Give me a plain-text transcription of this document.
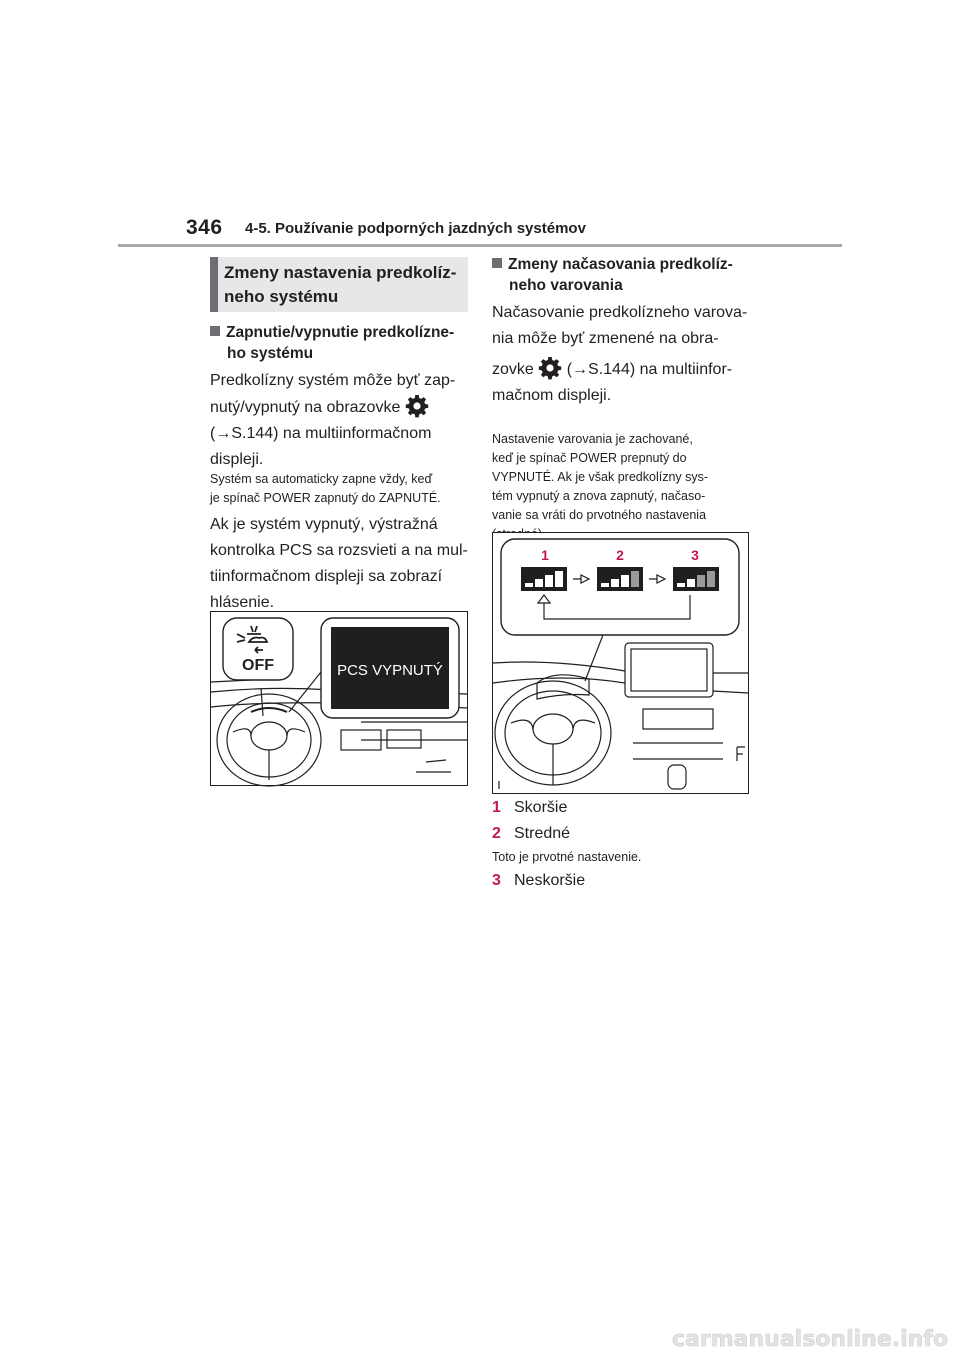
346 4-5. Používanie podporných jazdných systémov
Zmeny nastavenia predkolíz-
neho systému
Zapnutie/vypnutie predkolízne-
ho systému
Predkolízny systém môže byť zap-
nutý/vypnutý na obrazovke
(→S.144) na multiinformačnom
displeji.
Systém sa automaticky zapne vždy, keď
je spínač POWER zapnutý do ZAPNUTÉ.
Ak je systém vypnutý, výstražná
kontrolka PCS sa rozsvieti a na mul-
tiinformačnom displeji sa zobrazí
hlásenie.
OFF	PCS VYPNUTÝ
Zmeny načasovania predkolíz-
neho varovania
Načasovanie predkolízneho varova-
nia môže byť zmenené na obra-
zovke (→S.144) na multiinfor-
mačnom displeji.
Nastavenie varovania je zachované,
keď je spínač POWER prepnutý do
VYPNUTÉ. Ak je však predkolízny sys-
tém vypnutý a znova zapnutý, načaso-
vanie sa vráti do prvotného nastavenia
1	2	3
1 Skoršie
2 Stredné
Toto je prvotné nastavenie.
3 Neskoršie
carmanualsonline.info
